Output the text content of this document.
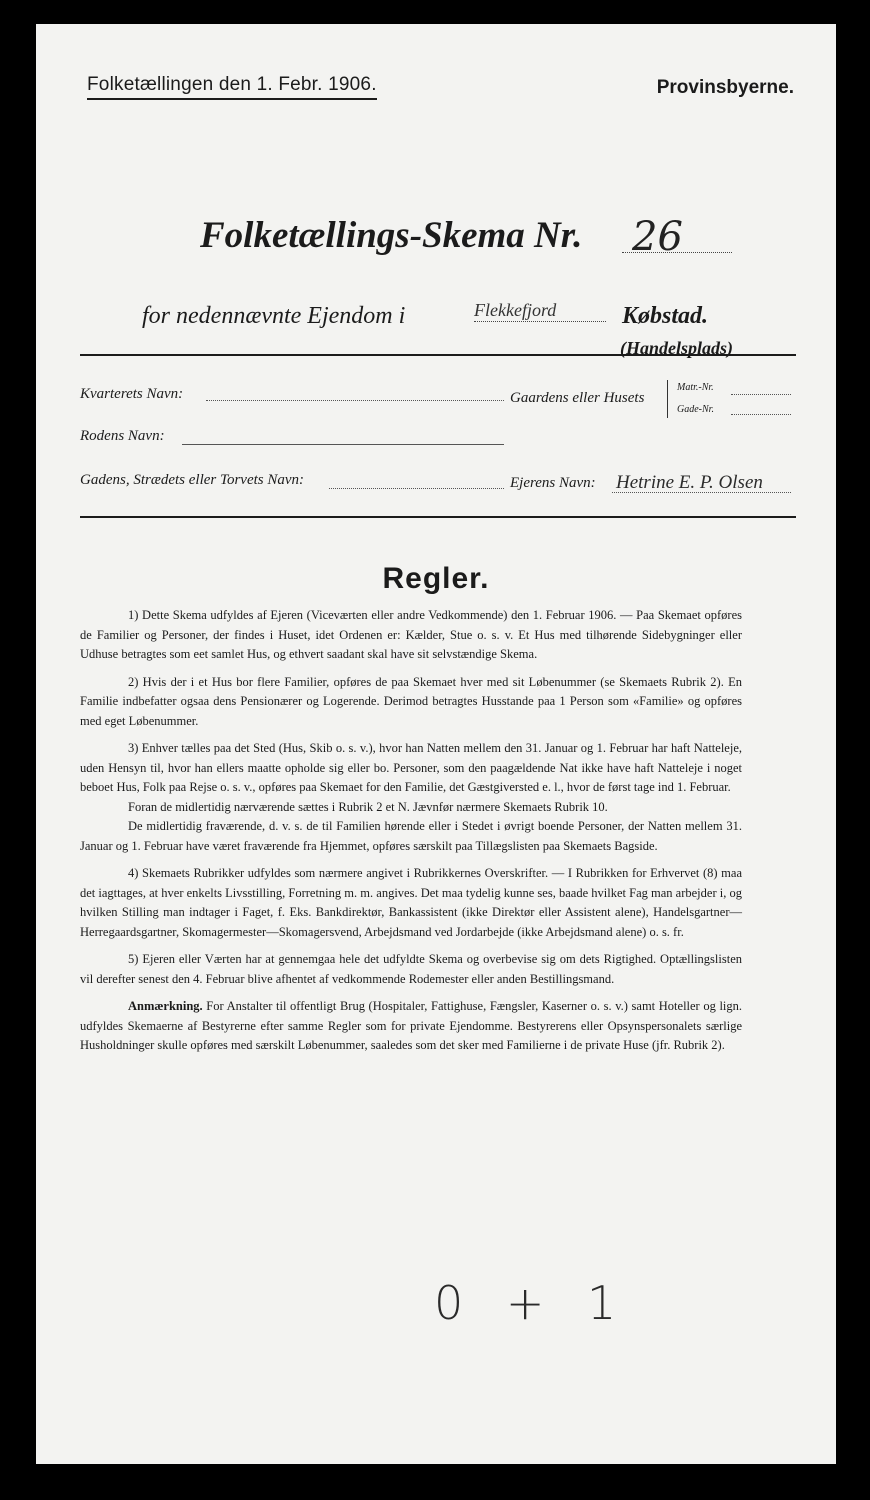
Folketællingen den 1. Febr. 1906.	Provinsbyerne.
Folketællings-Skema Nr. 26
for nedennævnte Ejendom i	Flekkefjord	Købstad.
(Handelsplads)
Kvarterets Navn:	Gaardens eller Husets
Matr.-Nr.
Gade-Nr.
Rodens Navn:
Gadens, Strædets eller Torvets Navn:	Ejerens Navn: Hetrine E. P. Olsen
Regler.

1) Dette Skema udfyldes af Ejeren (Viceværten eller andre Vedkommende) den 1. Februar 1906. — Paa Skemaet opføres de Familier og Personer, der findes i Huset, idet Ordenen er: Kælder, Stue o. s. v. Et Hus med tilhørende Sidebygninger eller Udhuse betragtes som eet samlet Hus, og ethvert saadant skal have sit selvstændige Skema.

2) Hvis der i et Hus bor flere Familier, opføres de paa Skemaet hver med sit Løbenummer (se Skemaets Rubrik 2). En Familie indbefatter ogsaa dens Pensionærer og Logerende. Derimod betragtes Husstande paa 1 Person som «Familie» og opføres med eget Løbenummer.

3) Enhver tælles paa det Sted (Hus, Skib o. s. v.), hvor han Natten mellem den 31. Januar og 1. Februar har haft Natteleje, uden Hensyn til, hvor han ellers maatte opholde sig eller bo. Personer, som den paagældende Nat ikke have haft Natteleje i noget beboet Hus, Folk paa Rejse o. s. v., opføres paa Skemaet for den Familie, det Gæstgiversted e. l., hvor de først tage ind 1. Februar.

Foran de midlertidig nærværende sættes i Rubrik 2 et N. Jævnfør nærmere Skemaets Rubrik 10.

De midlertidig fraværende, d. v. s. de til Familien hørende eller i Stedet i øvrigt boende Personer, der Natten mellem 31. Januar og 1. Februar have været fraværende fra Hjemmet, opføres særskilt paa Tillægslisten paa Skemaets Bagside.

4) Skemaets Rubrikker udfyldes som nærmere angivet i Rubrikkernes Overskrifter. — I Rubrikken for Erhvervet (8) maa det iagttages, at hver enkelts Livsstilling, Forretning m. m. angives. Det maa tydelig kunne ses, baade hvilket Fag man arbejder i, og hvilken Stilling man indtager i Faget, f. Eks. Bankdirektør, Bankassistent (ikke Direktør eller Assistent alene), Handelsgartner—Herregaardsgartner, Skomagermester—Skomagersvend, Arbejdsmand ved Jordarbejde (ikke Arbejdsmand alene) o. s. fr.

5) Ejeren eller Værten har at gennemgaa hele det udfyldte Skema og overbevise sig om dets Rigtighed. Optællingslisten vil derefter senest den 4. Februar blive afhentet af vedkommende Rodemester eller anden Bestillingsmand.

Anmærkning. For Anstalter til offentligt Brug (Hospitaler, Fattighuse, Fængsler, Kaserner o. s. v.) samt Hoteller og lign. udfyldes Skemaerne af Bestyrerne efter samme Regler som for private Ejendomme. Bestyrerens eller Opsynspersonalets særlige Husholdninger skulle opføres med særskilt Løbenummer, saaledes som det sker med Familierne i de private Huse (jfr. Rubrik 2).

0 + 1
